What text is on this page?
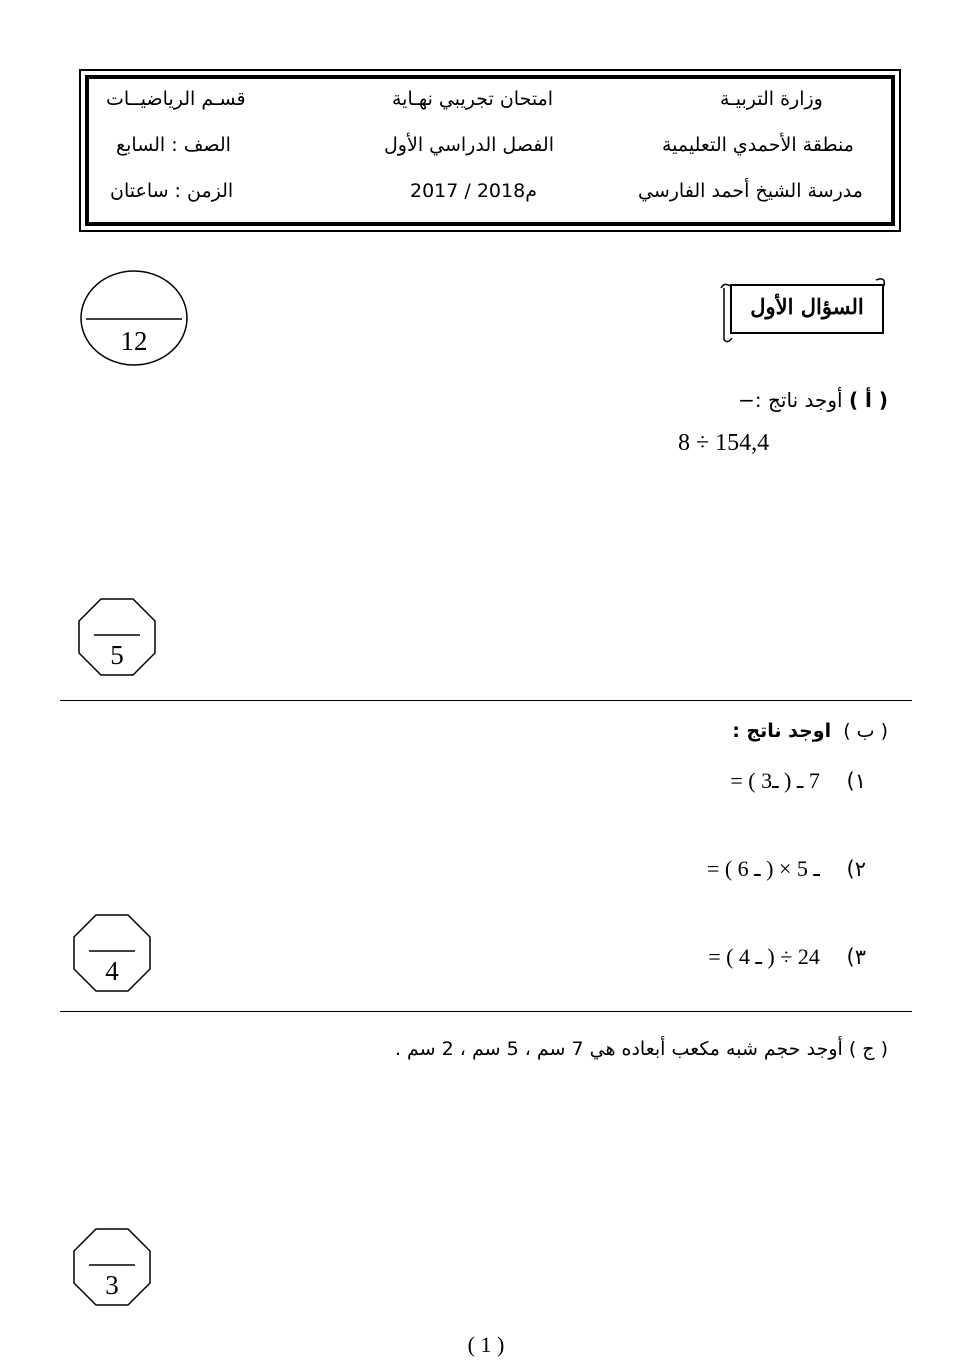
وزارة التربيـة
امتحان تجريبي نهـاية
قسـم الرياضيــات
منطقة الأحمدي التعليمية
الفصل الدراسي الأول
الصف : السابع
مدرسة الشيخ أحمد الفارسي
2017 / 2018م
الزمن : ساعتان
السؤال الأول
12
( أ ) أوجد ناتج :−
8 ÷ 154,4
5
( ب )  اوجد ناتج :
١)    7 ـ ( ـ3 ) =
٢)    ـ 5 × ( ـ 6 ) =
٣)    24 ÷ ( ـ 4 ) =
4
( ج ) أوجد حجم شبه مكعب أبعاده هي 7 سم ، 5 سم ، 2 سم .
3
( 1 )
